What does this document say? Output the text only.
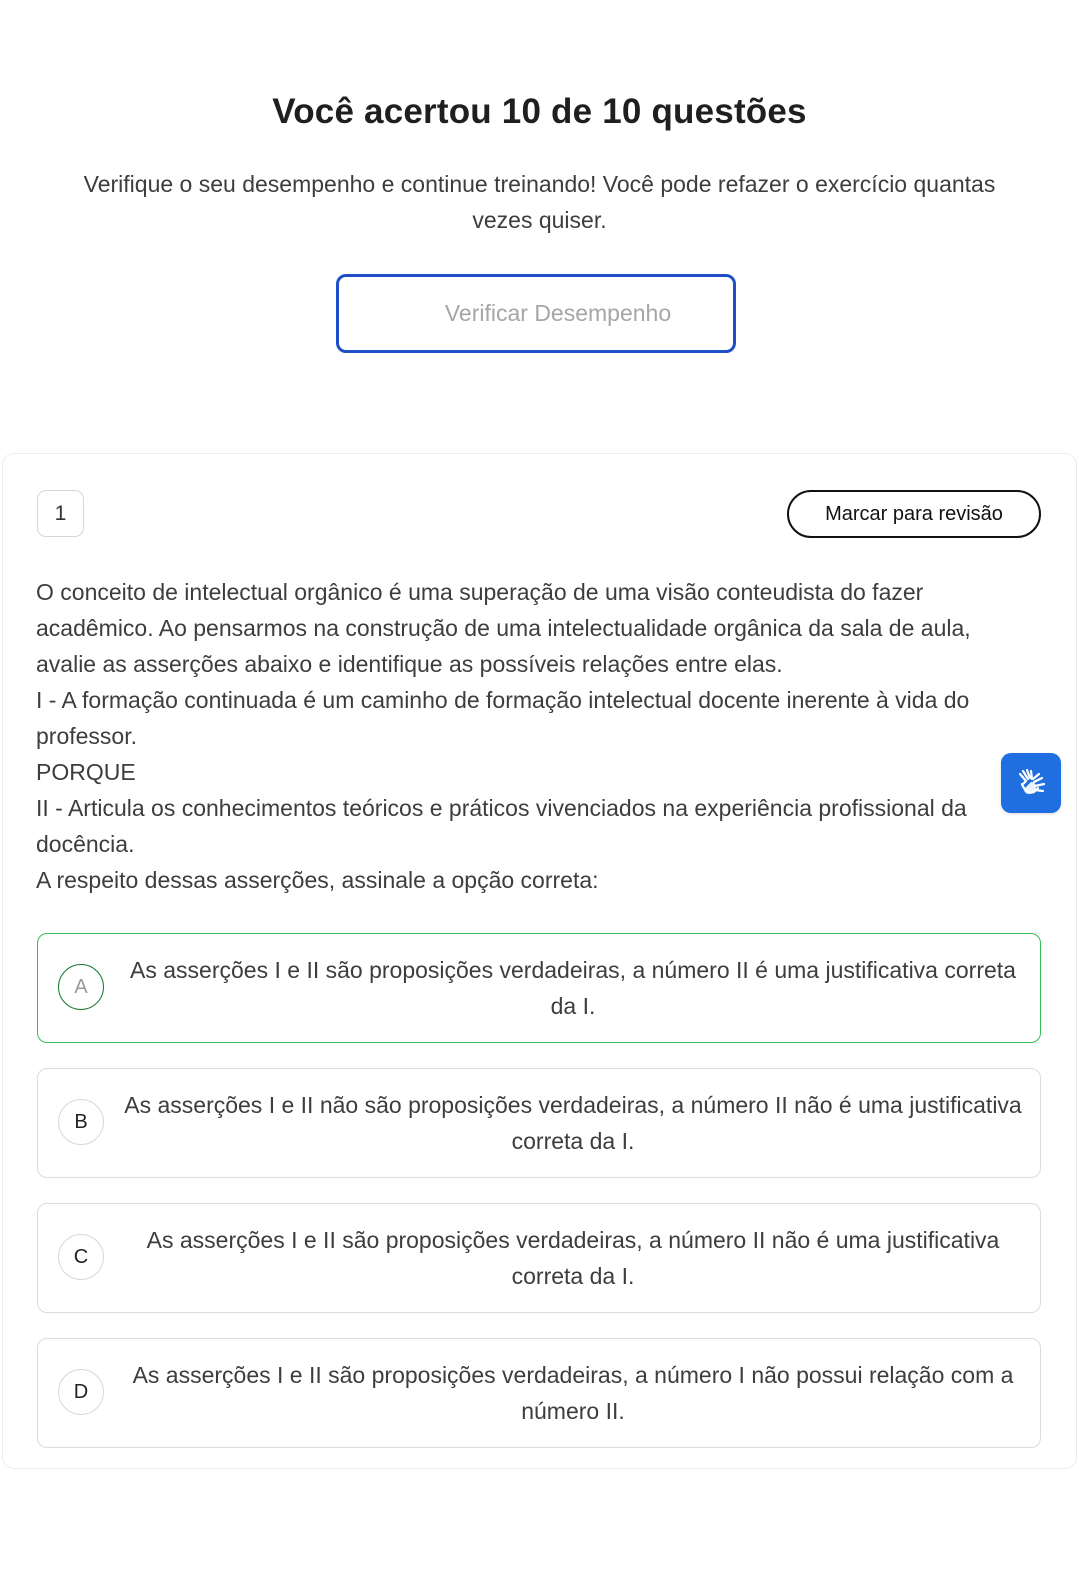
Você acertou 10 de 10 questões
Verifique o seu desempenho e continue treinando! Você pode refazer o exercício quantas vezes quiser.
Verificar Desempenho
1	Marcar para revisão

O conceito de intelectual orgânico é uma superação de uma visão conteudista do fazer acadêmico. Ao pensarmos na construção de uma intelectualidade orgânica da sala de aula, avalie as asserções abaixo e identifique as possíveis relações entre elas.

I - A formação continuada é um caminho de formação intelectual docente inerente à vida do professor.

PORQUE

II - Articula os conhecimentos teóricos e práticos vivenciados na experiência profissional da docência.

A respeito dessas asserções, assinale a opção correta:

A
As asserções I e II são proposições verdadeiras, a número II é uma justificativa correta da I.
B
As asserções I e II não são proposições verdadeiras, a número II não é uma justificativa correta da I.
C
As asserções I e II são proposições verdadeiras, a número II não é uma justificativa correta da I.
D
As asserções I e II são proposições verdadeiras, a número I não possui relação com a número II.
